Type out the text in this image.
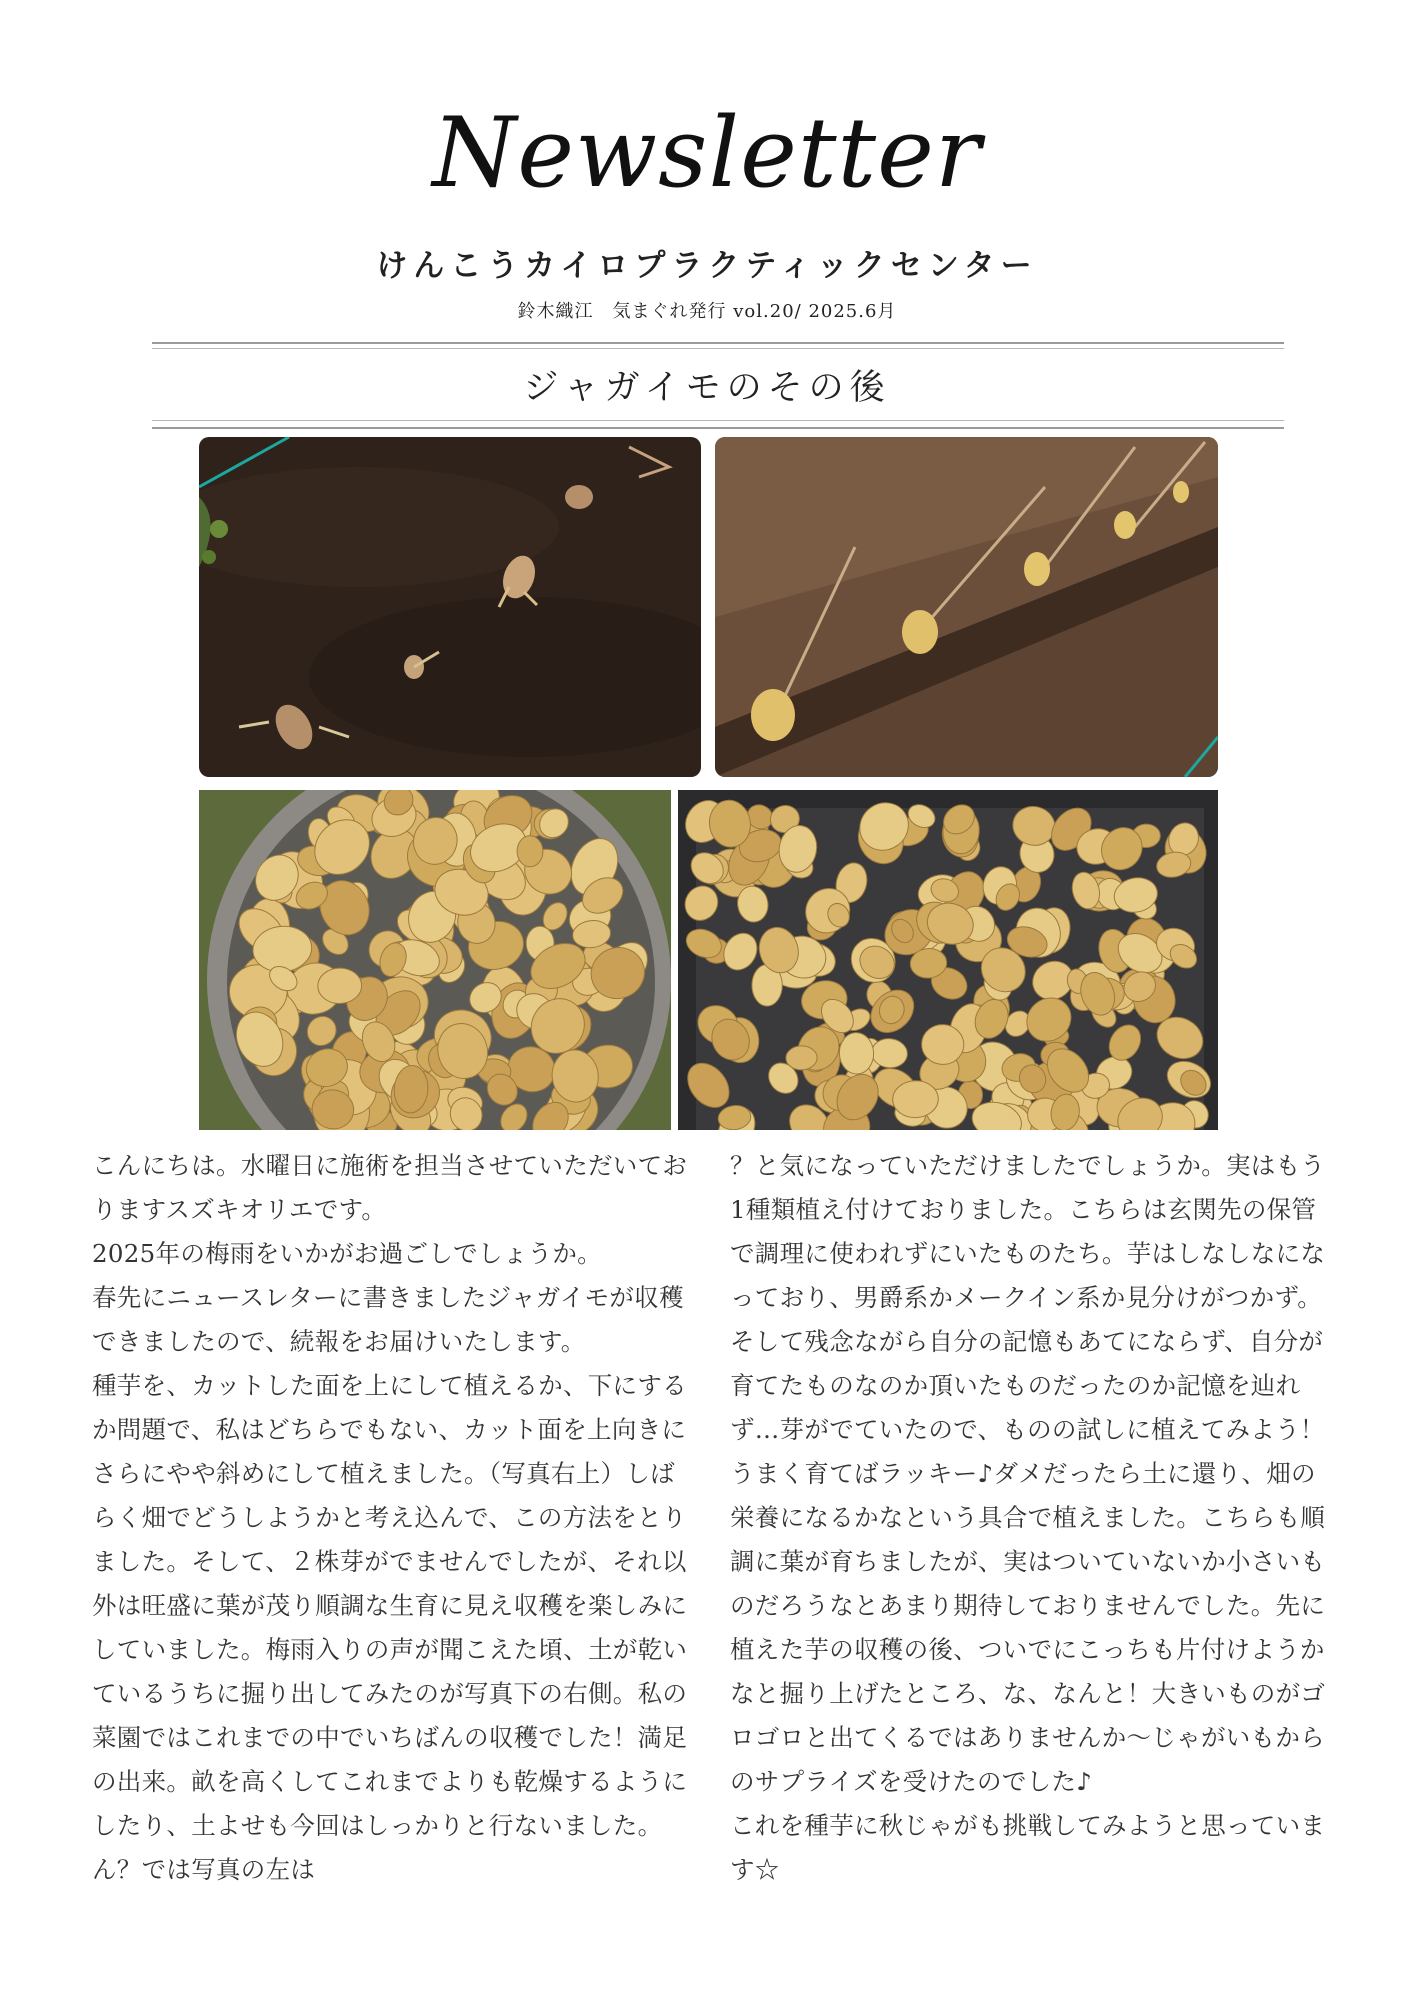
Newsletter
けんこうカイロプラクティックセンター
鈴木織江　気まぐれ発行 vol.20/ 2025.6月
ジャガイモのその後

こんにちは。水曜日に施術を担当させていただいておりますスズキオリエです。

2025年の梅雨をいかがお過ごしでしょうか。

春先にニュースレターに書きましたジャガイモが収穫できましたので、続報をお届けいたします。

種芋を、カットした面を上にして植えるか、下にするか問題で、私はどちらでもない、カット面を上向きにさらにやや斜めにして植えました。（写真右上）しばらく畑でどうしようかと考え込んで、この方法をとりました。そして、２株芽がでませんでしたが、それ以外は旺盛に葉が茂り順調な生育に見え収穫を楽しみにしていました。梅雨入りの声が聞こえた頃、土が乾いているうちに掘り出してみたのが写真下の右側。私の菜園ではこれまでの中でいちばんの収穫でした！満足の出来。畝を高くしてこれまでよりも乾燥するようにしたり、土よせも今回はしっかりと行ないました。ん？では写真の左は

？と気になっていただけましたでしょうか。実はもう1種類植え付けておりました。こちらは玄関先の保管で調理に使われずにいたものたち。芋はしなしなになっており、男爵系かメークイン系か見分けがつかず。そして残念ながら自分の記憶もあてにならず、自分が育てたものなのか頂いたものだったのか記憶を辿れず…芽がでていたので、ものの試しに植えてみよう！うまく育てばラッキー♪ダメだったら土に還り、畑の栄養になるかなという具合で植えました。こちらも順調に葉が育ちましたが、実はついていないか小さいものだろうなとあまり期待しておりませんでした。先に植えた芋の収穫の後、ついでにこっちも片付けようかなと掘り上げたところ、な、なんと！大きいものがゴロゴロと出てくるではありませんか〜じゃがいもからのサプライズを受けたのでした♪

これを種芋に秋じゃがも挑戦してみようと思っています☆
